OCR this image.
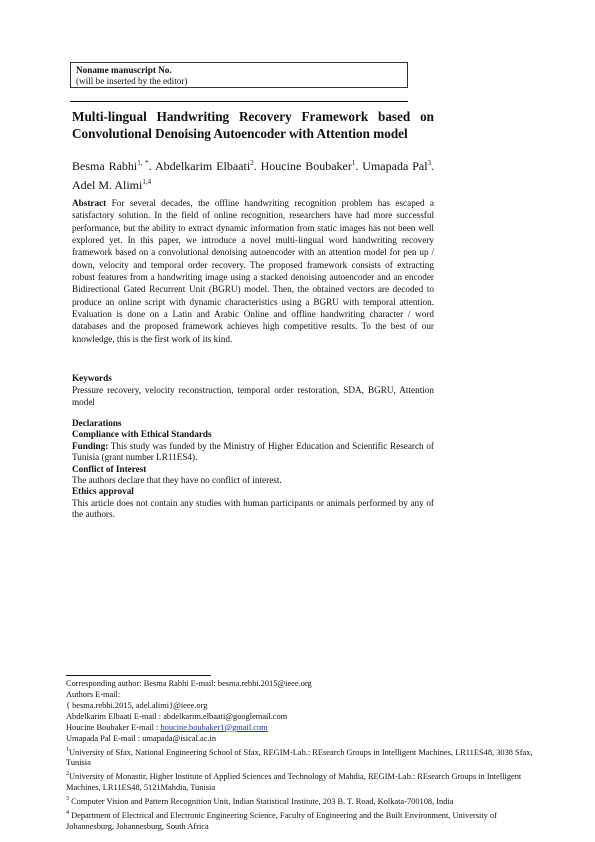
Noname manuscript No.
(will be inserted by the editor)
Multi-lingual Handwriting Recovery Framework based on Convolutional Denoising Autoencoder with Attention model
Besma Rabhi$^{1, *}$. Abdelkarim Elbaati$^2$. Houcine Boubaker$^1$. Umapada Pal$^3$. Adel M. Alimi$^{1,4}$
Abstract For several decades, the offline handwriting recognition problem has escaped a satisfactory solution. In the field of online recognition, researchers have had more successful performance, but the ability to extract dynamic information from static images has not been well explored yet. In this paper, we introduce a novel multi-lingual word handwriting recovery framework based on a convolutional denoising autoencoder with an attention model for pen up / down, velocity and temporal order recovery. The proposed framework consists of extracting robust features from a handwriting image using a stacked denoising autoencoder and an encoder Bidirectional Gated Recurrent Unit (BGRU) model. Then, the obtained vectors are decoded to produce an online script with dynamic characteristics using a BGRU with temporal attention. Evaluation is done on a Latin and Arabic Online and offline handwriting character / word databases and the proposed framework achieves high competitive results. To the best of our knowledge, this is the first work of its kind.
Keywords
Pressure recovery, velocity reconstruction, temporal order restoration, SDA, BGRU, Attention model
Declarations
Compliance with Ethical Standards
Funding: This study was funded by the Ministry of Higher Education and Scientific Research of Tunisia (grant number LR11ES4).
Conflict of Interest
The authors declare that they have no conflict of interest.
Ethics approval
This article does not contain any studies with human participants or animals performed by any of the authors.
Corresponding author: Besma Rabhi E-mail: besma.rebhi.2015@ieee.org
Authors E-mail:
{ besma.rebhi.2015, adel.alimi}@ieee.org
Abdelkarim Elbaati E-mail : abdelkarim.elbaati@googlemail.com
Houcine Boubaker E-mail : houcine.boubaker1@gmail.com
Umapada Pal E-mail : umapada@isical.ac.in
$^1$University of Sfax, National Engineering School of Sfax, REGIM-Lab.: REsearch Groups in Intelligent Machines, LR11ES48, 3038 Sfax, Tunisia
$^2$University of Monastir, Higher Institute of Applied Sciences and Technology of Mahdia, REGIM-Lab.: REsearch Groups in Intelligent Machines, LR11ES48, 5121Mahdia, Tunisia
$^3$ Computer Vision and Pattern Recognition Unit, Indian Statistical Institute, 203 B. T. Road, Kolkata-700108, India
$^4$ Department of Electrical and Electronic Engineering Science, Faculty of Engineering and the Built Environment, University of Johannesburg, Johannesburg, South Africa
